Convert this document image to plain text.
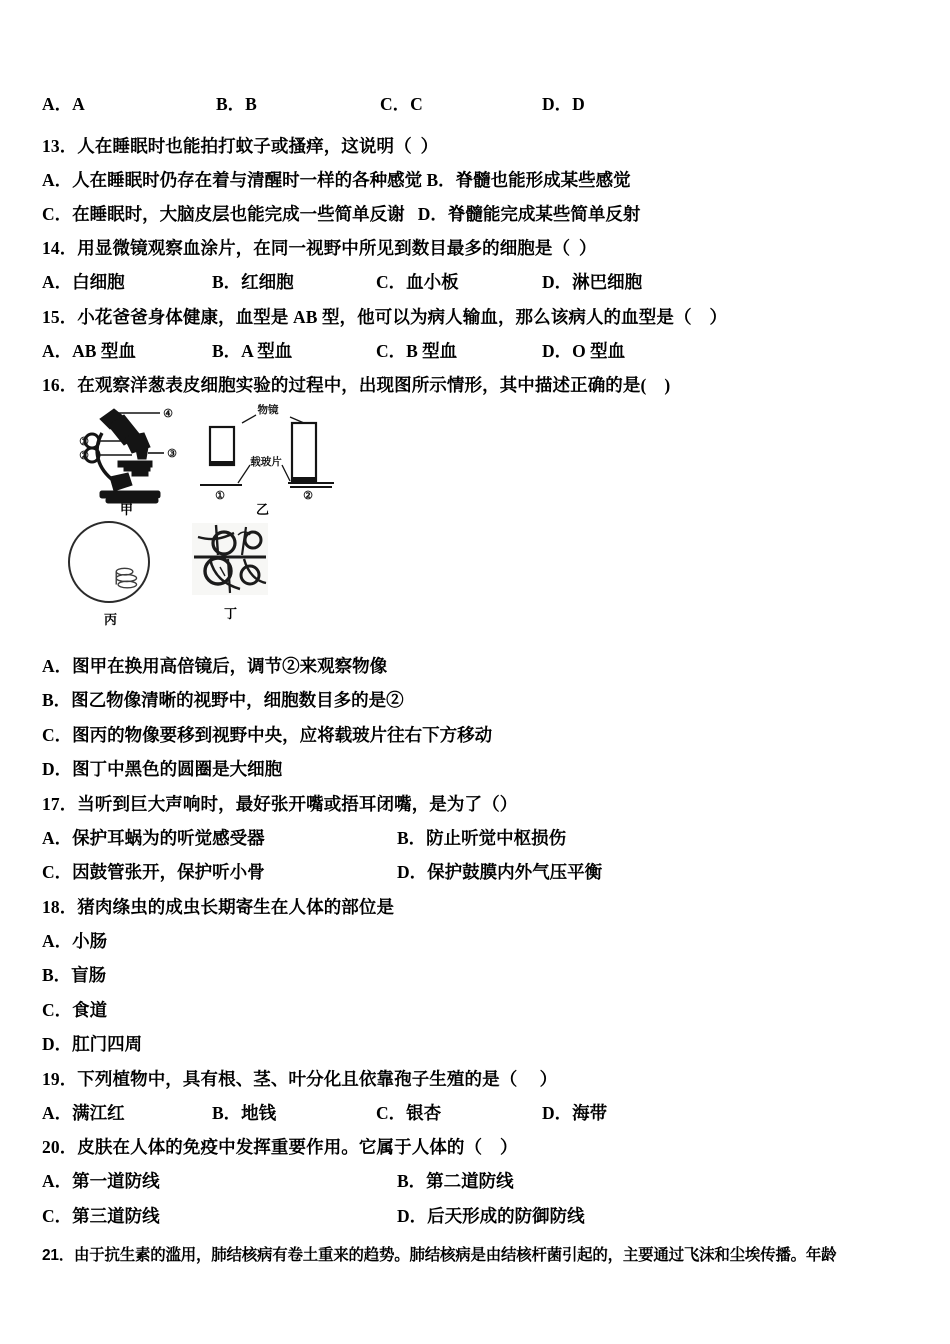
A．A

	B．B

	C．C

	D．D

13．人在睡眠时也能拍打蚊子或搔痒，这说明（  ）
A．人在睡眠时仍存在着与清醒时一样的各种感觉 B．脊髓也能形成某些感觉
C．在睡眠时，大脑皮层也能完成一些简单反谢   D．脊髓能完成某些简单反射
14．用显微镜观察血涂片，在同一视野中所见到数目最多的细胞是（  ）

A．白细胞

	B．红细胞

	C．血小板

	D．淋巴细胞

15．小花爸爸身体健康，血型是 AB 型，他可以为病人输血，那么该病人的血型是（    ）

A．AB 型血

	B．A 型血

	C．B 型血

	D．O 型血

16．在观察洋葱表皮细胞实验的过程中，出现图所示情形，其中描述正确的是(    )
④
①
②	③
甲
物镜
载玻片
①	②
乙
丙	丁
A．图甲在换用高倍镜后，调节②来观察物像
B．图乙物像清晰的视野中，细胞数目多的是②
C．图丙的物像要移到视野中央，应将载玻片往右下方移动
D．图丁中黑色的圆圈是大细胞
17．当听到巨大声响时，最好张开嘴或捂耳闭嘴，是为了（）

A．保护耳蜗为的听觉感受器

	B．防止听觉中枢损伤

C．因鼓管张开，保护听小骨

	D．保护鼓膜内外气压平衡

18．猪肉绦虫的成虫长期寄生在人体的部位是
A．小肠
B．盲肠
C．食道
D．肛门四周
19．下列植物中，具有根、茎、叶分化且依靠孢子生殖的是（     ）

A．满江红

	B．地钱

	C．银杏

	D．海带

20．皮肤在人体的免疫中发挥重要作用。它属于人体的（    ）

A．第一道防线

	B．第二道防线

C．第三道防线

	D．后天形成的防御防线

21．由于抗生素的滥用，肺结核病有卷土重来的趋势。肺结核病是由结核杆菌引起的，主要通过飞沫和尘埃传播。年龄
